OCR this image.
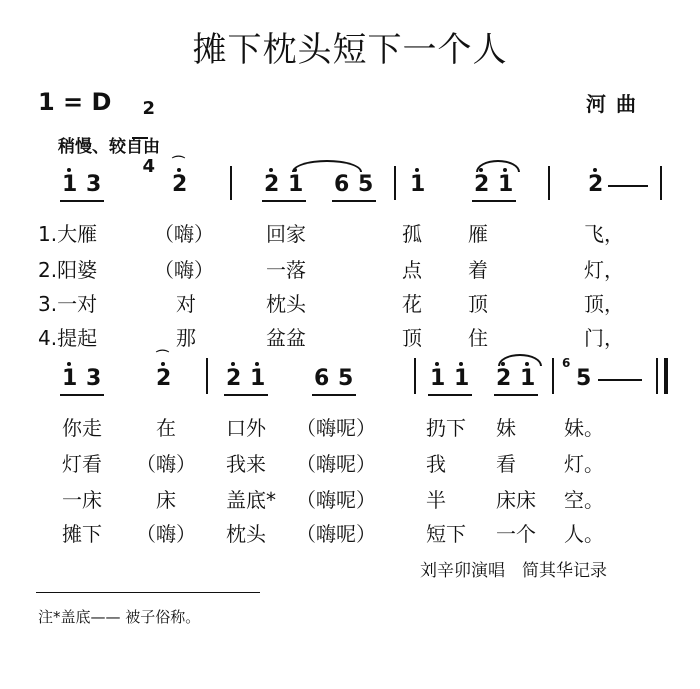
摊下枕头短下一个人
1 = D	2

4

河曲
稍慢、较自由
1 3	2
⌒
2 1 6 5 1 2 1	2
1.大雁	（嗨）	回家	孤 雁	飞，
2.阳婆	（嗨）	一落	点 着	灯，
3.一对	对	枕头	花 顶	顶，
4.提起	那	盆盆	顶 住	门，
1 3 2
⌒
2 1 6 5	1 1 2 1
6
5
你走	在	口外 （嗨呢）	扔下 妹 妹。
灯看 （嗨） 我来 （嗨呢）	我	看 灯。
一床	床	盖底* （嗨呢）	半	床床 空。
摊下 （嗨） 枕头 （嗨呢）	短下 一个 人。
刘辛卯演唱　简其华记录
注*盖底—— 被子俗称。
